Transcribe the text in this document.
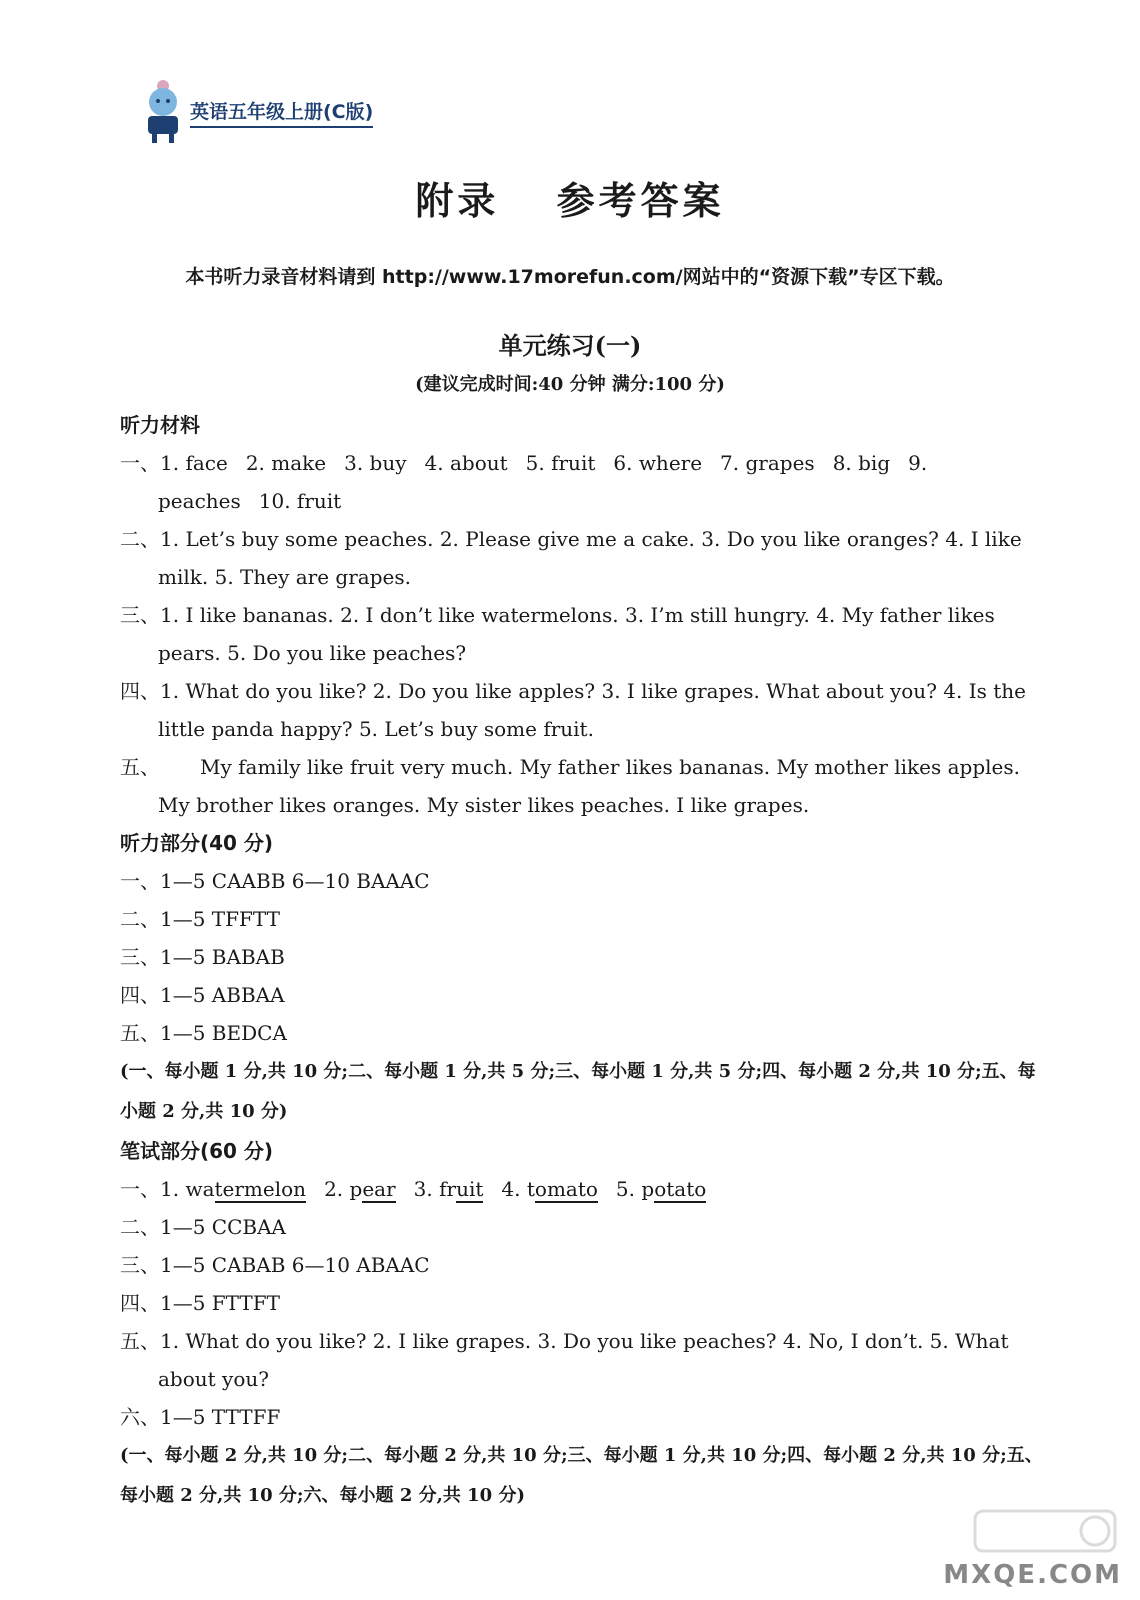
英语五年级上册(C版)
附录 参考答案
本书听力录音材料请到 http://www.17morefun.com/网站中的“资源下载”专区下载。
单元练习(一)
(建议完成时间:40 分钟 满分:100 分)
听力材料
一、1. face 2. make 3. buy 4. about 5. fruit 6. where 7. grapes 8. big 9. peaches 10. fruit
二、1. Let’s buy some peaches. 2. Please give me a cake. 3. Do you like oranges? 4. I like milk. 5. They are grapes.
三、1. I like bananas. 2. I don’t like watermelons. 3. I’m still hungry. 4. My father likes pears. 5. Do you like peaches?
四、1. What do you like? 2. Do you like apples? 3. I like grapes. What about you? 4. Is the little panda happy? 5. Let’s buy some fruit.
五、 My family like fruit very much. My father likes bananas. My mother likes apples. My brother likes oranges. My sister likes peaches. I like grapes.
听力部分(40 分)
一、1—5 CAABB 6—10 BAAAC
二、1—5 TFFTT
三、1—5 BABAB
四、1—5 ABBAA
五、1—5 BEDCA
(一、每小题 1 分,共 10 分;二、每小题 1 分,共 5 分;三、每小题 1 分,共 5 分;四、每小题 2 分,共 10 分;五、每小题 2 分,共 10 分)
笔试部分(60 分)
一、1. watermelon 2. pear 3. fruit 4. tomato 5. potato
二、1—5 CCBAA
三、1—5 CABAB 6—10 ABAAC
四、1—5 FTTFT
五、1. What do you like? 2. I like grapes. 3. Do you like peaches? 4. No, I don’t. 5. What about you?
六、1—5 TTTFF
(一、每小题 2 分,共 10 分;二、每小题 2 分,共 10 分;三、每小题 1 分,共 10 分;四、每小题 2 分,共 10 分;五、每小题 2 分,共 10 分;六、每小题 2 分,共 10 分)
MXQE.COM
